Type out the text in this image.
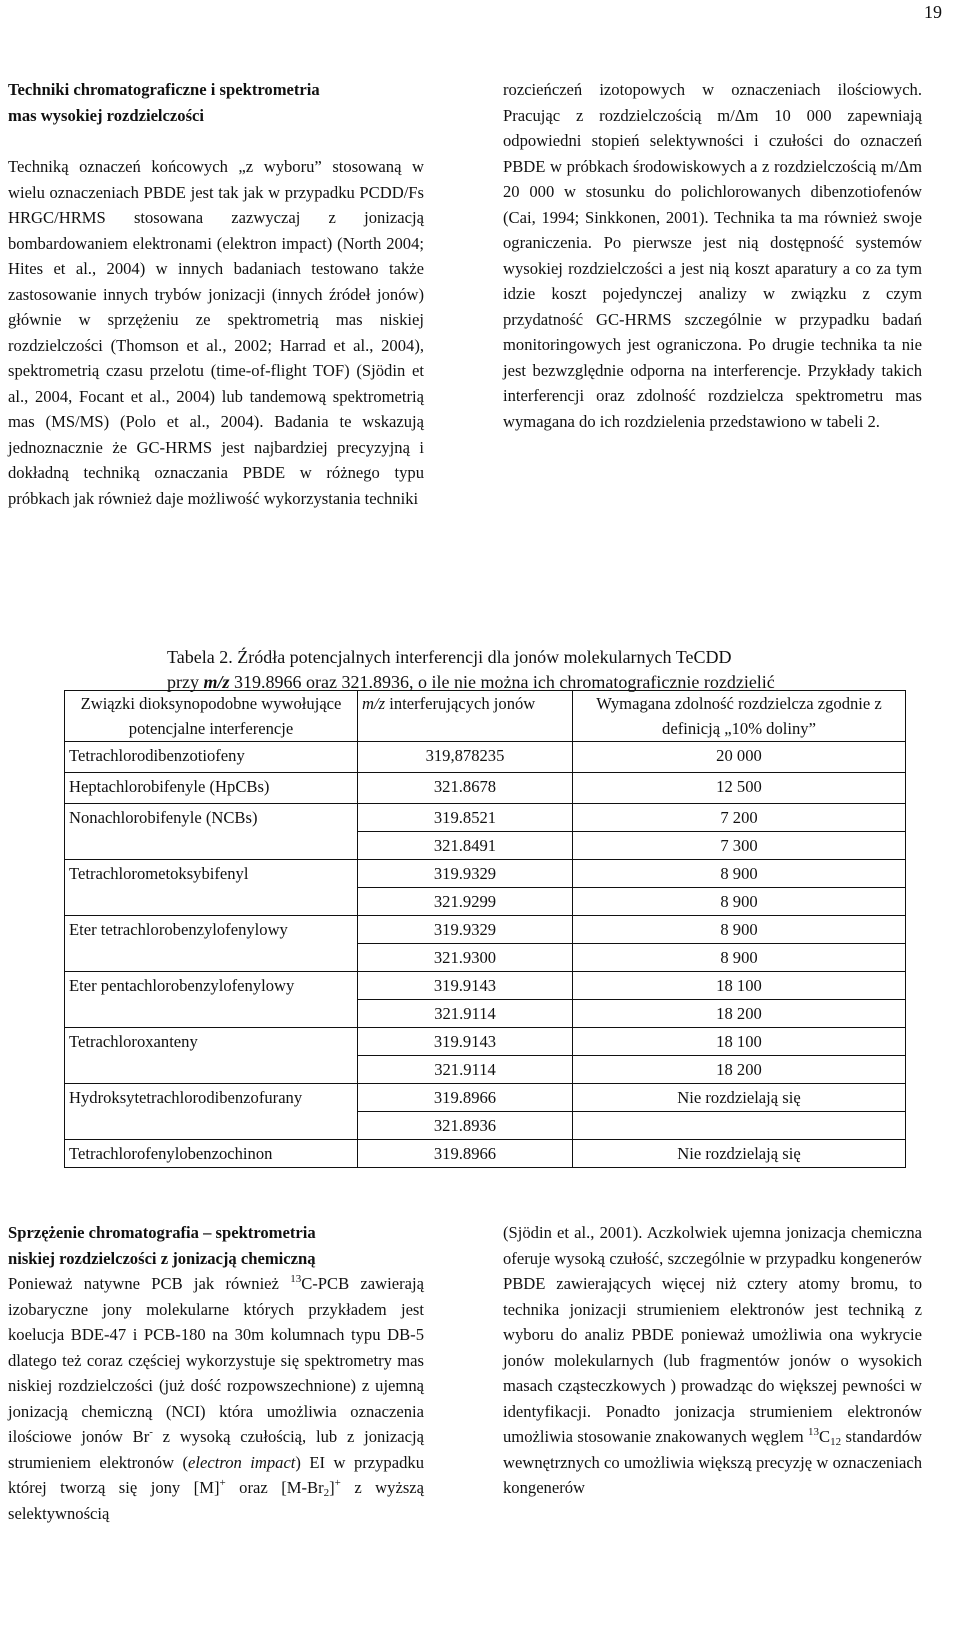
19

Techniki chromatograficzne i spektrometria
mas wysokiej rozdzielczości

Techniką oznaczeń końcowych „z wyboru” stosowaną w wielu oznaczeniach PBDE jest tak jak w przypadku PCDD/Fs HRGC/HRMS stosowana zazwyczaj z jonizacją bombardowaniem elektronami (elektron impact) (North 2004; Hites et al., 2004) w innych badaniach testowano także zastosowanie innych trybów jonizacji (innych źródeł jonów) głównie w sprzężeniu ze spektrometrią mas niskiej rozdzielczości (Thomson et al., 2002; Harrad et al., 2004), spektrometrią czasu przelotu (time-of-flight TOF) (Sjödin et al., 2004, Focant et al., 2004) lub tandemową spektrometrią mas (MS/MS) (Polo et al., 2004). Badania te wskazują jednoznacznie że GC-HRMS jest najbardziej precyzyjną i dokładną techniką oznaczania PBDE w różnego typu próbkach jak również daje możliwość wykorzystania techniki

rozcieńczeń izotopowych w oznaczeniach ilościowych. Pracując z rozdzielczością m/Δm 10 000 zapewniają odpowiedni stopień selektywności i czułości do oznaczeń PBDE w próbkach środowiskowych a z rozdzielczością m/Δm 20 000 w stosunku do polichlorowanych dibenzotiofenów (Cai, 1994; Sinkkonen, 2001). Technika ta ma również swoje ograniczenia. Po pierwsze jest nią dostępność systemów wysokiej rozdzielczości a jest nią koszt aparatury a co za tym idzie koszt pojedynczej analizy w związku z czym przydatność GC-HRMS szczególnie w przypadku badań monitoringowych jest ograniczona. Po drugie technika ta nie jest bezwzględnie odporna na interferencje. Przykłady takich interferencji oraz zdolność rozdzielcza spektrometru mas wymagana do ich rozdzielenia przedstawiono w tabeli 2.

Tabela 2. Źródła potencjalnych interferencji dla jonów molekularnych TeCDD
przy m/z 319.8966 oraz 321.8936, o ile nie można ich chromatograficznie rozdzielić
Związki dioksynopodobne wywołujące potencjalne interferencje	m/z interferujących jonów	Wymagana zdolność rozdzielcza zgodnie z definicją „10% doliny”
Tetrachlorodibenzotiofeny	319,878235	20 000
Heptachlorobifenyle (HpCBs)	321.8678	12 500
Nonachlorobifenyle (NCBs)	319.8521	7 200
	321.8491	7 300
Tetrachlorometoksybifenyl	319.9329	8 900
	321.9299	8 900
Eter tetrachlorobenzylofenylowy	319.9329	8 900
	321.9300	8 900
Eter pentachlorobenzylofenylowy	319.9143	18 100
	321.9114	18 200
Tetrachloroxanteny	319.9143	18 100
	321.9114	18 200
Hydroksytetrachlorodibenzofurany	319.8966	Nie rozdzielają się
	321.8936	
Tetrachlorofenylobenzochinon	319.8966	Nie rozdzielają się

Sprzężenie chromatografia – spektrometria
niskiej rozdzielczości z jonizacją chemiczną

Ponieważ natywne PCB jak również $^{13}$C-PCB zawierają izobaryczne jony molekularne których przykładem jest koelucja BDE-47 i PCB-180 na 30m kolumnach typu DB-5 dlatego też coraz częściej wykorzystuje się spektrometry mas niskiej rozdzielczości (już dość rozpowszechnione) z ujemną jonizacją chemiczną (NCI) która umożliwia oznaczenia ilościowe jonów Br- z wysoką czułością, lub z jonizacją strumieniem elektronów (electron impact) EI w przypadku której tworzą się jony [M]+ oraz $[M-Br_2]^+$ z wyższą selektywnością

(Sjödin et al., 2001). Aczkolwiek ujemna jonizacja chemiczna oferuje wysoką czułość, szczególnie w przypadku kongenerów PBDE zawierających więcej niż cztery atomy bromu, to technika jonizacji strumieniem elektronów jest techniką z wyboru do analiz PBDE ponieważ umożliwia ona wykrycie jonów molekularnych (lub fragmentów jonów o wysokich masach cząsteczkowych ) prowadząc do większej pewności w identyfikacji. Ponadto jonizacja strumieniem elektronów umożliwia stosowanie znakowanych węglem $^{13}C_{12}$ standardów wewnętrznych co umożliwia większą precyzję w oznaczeniach kongenerów
